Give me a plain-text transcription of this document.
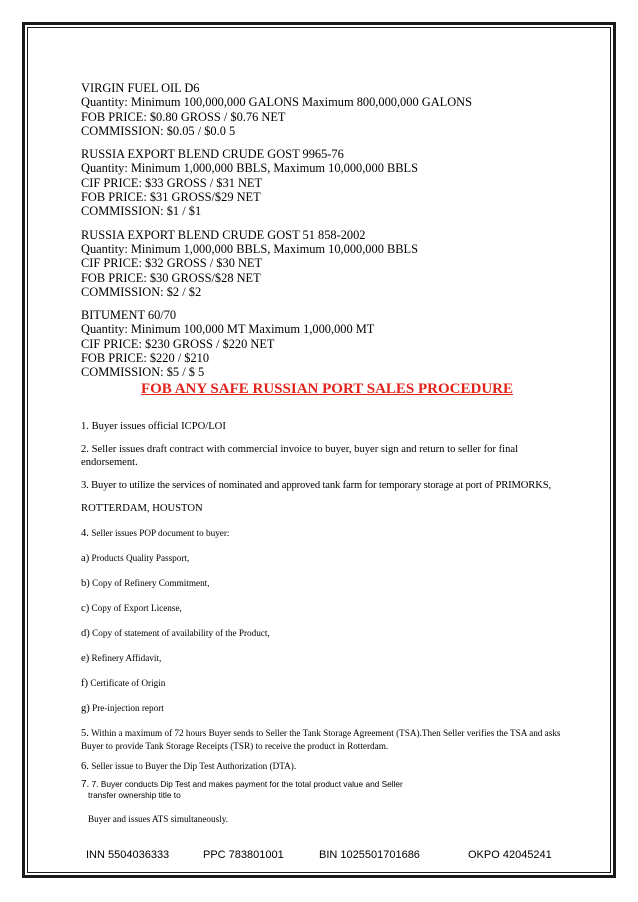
VIRGIN FUEL OIL D6
Quantity: Minimum 100,000,000 GALONS Maximum 800,000,000 GALONS
FOB PRICE: $0.80 GROSS / $0.76 NET
COMMISSION: $0.05 / $0.0 5
RUSSIA EXPORT BLEND CRUDE GOST 9965-76
Quantity: Minimum 1,000,000 BBLS, Maximum 10,000,000 BBLS
CIF PRICE: $33 GROSS / $31 NET
FOB PRICE: $31 GROSS/$29 NET
COMMISSION: $1 / $1
RUSSIA EXPORT BLEND CRUDE GOST 51 858-2002
Quantity: Minimum 1,000,000 BBLS, Maximum 10,000,000 BBLS
CIF PRICE: $32 GROSS / $30 NET
FOB PRICE: $30 GROSS/$28 NET
COMMISSION: $2 / $2
BITUMENT 60/70
Quantity: Minimum 100,000 MT Maximum 1,000,000 MT
CIF PRICE: $230 GROSS / $220 NET
FOB PRICE: $220 / $210
COMMISSION: $5 / $ 5
FOB ANY SAFE RUSSIAN PORT SALES PROCEDURE
1. Buyer issues official ICPO/LOI
2. Seller issues draft contract with commercial invoice to buyer, buyer sign and return to seller for final endorsement.
3. Buyer to utilize the services of nominated and approved tank farm for temporary storage at port of PRIMORKS,
ROTTERDAM, HOUSTON
4. Seller issues POP document to buyer:
a) Products Quality Passport,
b) Copy of Refinery Commitment,
c) Copy of Export License,
d) Copy of statement of availability of the Product,
e) Refinery Affidavit,
f) Certificate of Origin
g) Pre-injection report
5. Within a maximum of 72 hours Buyer sends to Seller the Tank Storage Agreement (TSA).Then Seller verifies the TSA and asks Buyer to provide Tank Storage Receipts (TSR) to receive the product in Rotterdam.
6. Seller issue to Buyer the Dip Test Authorization (DTA).
7. 7. Buyer conducts Dip Test and makes payment for the total product value and Seller
transfer ownership title to
Buyer and issues ATS simultaneously.
INN 5504036333	PPC 783801001	BIN 1025501701686	OKPO 42045241
